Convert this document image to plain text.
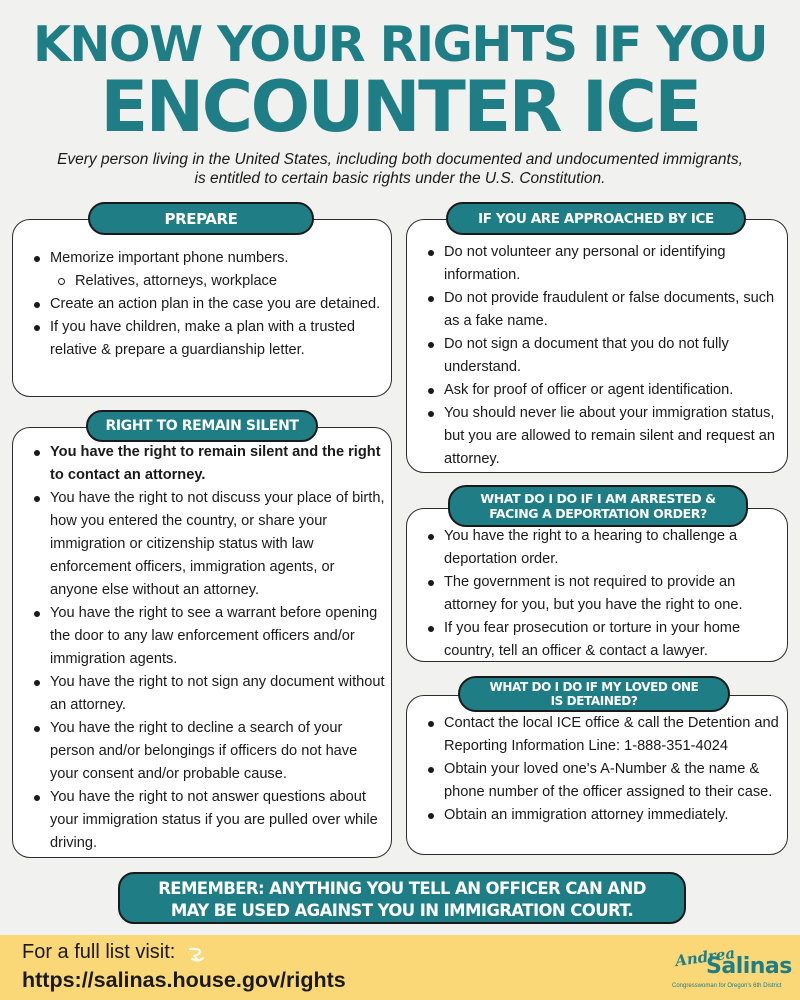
KNOW YOUR RIGHTS IF YOU
ENCOUNTER ICE
Every person living in the United States, including both documented and undocumented immigrants, is entitled to certain basic rights under the U.S. Constitution.
Memorize important phone numbers.
Relatives, attorneys, workplace
Create an action plan in the case you are detained.
If you have children, make a plan with a trusted relative & prepare a guardianship letter.
PREPARE
You have the right to remain silent and the right to contact an attorney.
You have the right to not discuss your place of birth, how you entered the country, or share your immigration or citizenship status with law enforcement officers, immigration agents, or anyone else without an attorney.
You have the right to see a warrant before opening the door to any law enforcement officers and/or immigration agents.
You have the right to not sign any document without an attorney.
You have the right to decline a search of your person and/or belongings if officers do not have your consent and/or probable cause.
You have the right to not answer questions about your immigration status if you are pulled over while driving.
RIGHT TO REMAIN SILENT
Do not volunteer any personal or identifying information.
Do not provide fraudulent or false documents, such as a fake name.
Do not sign a document that you do not fully understand.
Ask for proof of officer or agent identification.
You should never lie about your immigration status, but you are allowed to remain silent and request an attorney.
IF YOU ARE APPROACHED BY ICE
You have the right to a hearing to challenge a deportation order.
The government is not required to provide an attorney for you, but you have the right to one.
If you fear prosecution or torture in your home country, tell an officer & contact a lawyer.
WHAT DO I DO IF I AM ARRESTED &
FACING A DEPORTATION ORDER?
Contact the local ICE office & call the Detention and Reporting Information Line: 1-888-351-4024
Obtain your loved one's A-Number & the name & phone number of the officer assigned to their case.
Obtain an immigration attorney immediately.
WHAT DO I DO IF MY LOVED ONE
IS DETAINED?
REMEMBER: ANYTHING YOU TELL AN OFFICER CAN AND
MAY BE USED AGAINST YOU IN IMMIGRATION COURT.
For a full list visit:
https://salinas.house.gov/rights
Andrea
Salinas
Congresswoman for Oregon's 6th District
